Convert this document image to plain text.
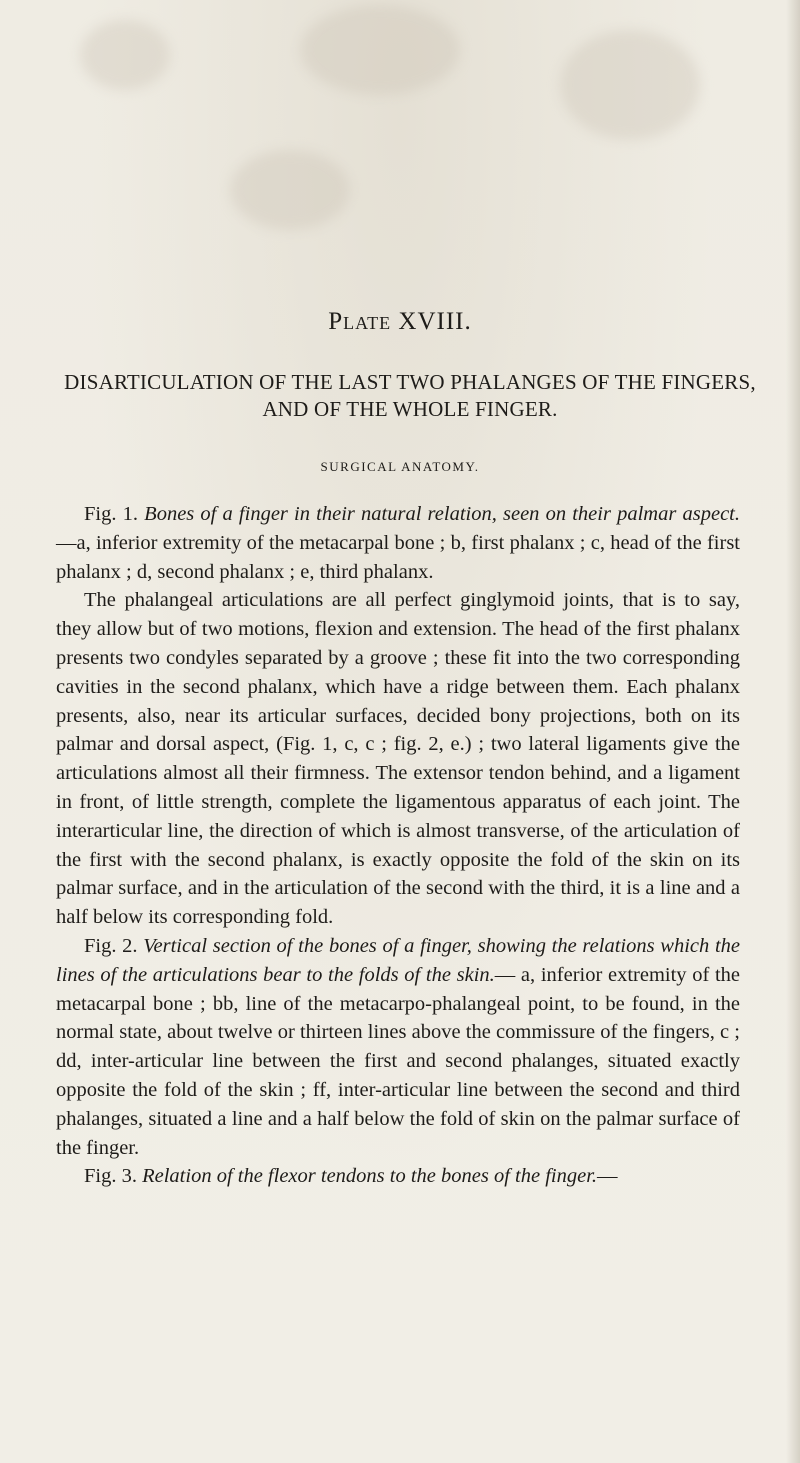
Plate XVIII.
DISARTICULATION OF THE LAST TWO PHALANGES OF THE FINGERS, AND OF THE WHOLE FINGER.
SURGICAL ANATOMY.

Fig. 1. Bones of a finger in their natural relation, seen on their palmar aspect.—a, inferior extremity of the metacarpal bone ; b, first phalanx ; c, head of the first phalanx ; d, second phalanx ; e, third phalanx.

The phalangeal articulations are all perfect ginglymoid joints, that is to say, they allow but of two motions, flexion and extension. The head of the first phalanx presents two condyles separated by a groove ; these fit into the two corresponding cavities in the second phalanx, which have a ridge between them. Each phalanx presents, also, near its articular surfaces, decided bony projections, both on its palmar and dorsal aspect, (Fig. 1, c, c ; fig. 2, e.) ; two lateral ligaments give the articulations almost all their firmness. The extensor tendon behind, and a ligament in front, of little strength, complete the ligamentous apparatus of each joint. The interarticular line, the direction of which is almost transverse, of the articulation of the first with the second phalanx, is exactly opposite the fold of the skin on its palmar surface, and in the articulation of the second with the third, it is a line and a half below its corresponding fold.

Fig. 2. Vertical section of the bones of a finger, showing the relations which the lines of the articulations bear to the folds of the skin.— a, inferior extremity of the metacarpal bone ; bb, line of the metacarpo-phalangeal point, to be found, in the normal state, about twelve or thirteen lines above the commissure of the fingers, c ; dd, inter-articular line between the first and second phalanges, situated exactly opposite the fold of the skin ; ff, inter-articular line between the second and third phalanges, situated a line and a half below the fold of skin on the palmar surface of the finger.

Fig. 3. Relation of the flexor tendons to the bones of the finger.—
